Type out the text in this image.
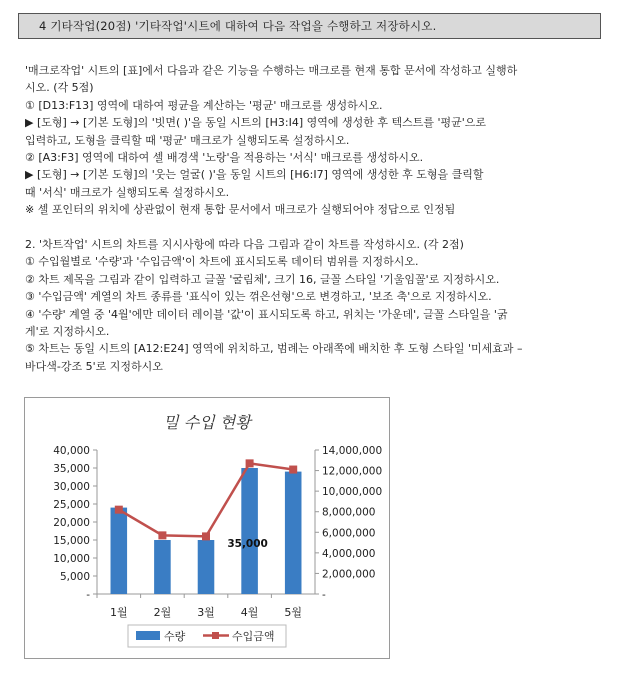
4 기타작업(20점) '기타작업'시트에 대하여 다음 작업을 수행하고 저장하시오.

'매크로작업' 시트의 [표]에서 다음과 같은 기능을 수행하는 매크로를 현재 통합 문서에 작성하고 실행하

시오. (각 5점)

① [D13:F13] 영역에 대하여 평균을 계산하는 '평균' 매크로를 생성하시오.

▶ [도형] → [기본 도형]의 '빗면( )'을 동일 시트의 [H3:I4] 영역에 생성한 후 텍스트를 '평균'으로

입력하고, 도형을 클릭할 때 '평균' 매크로가 실행되도록 설정하시오.

② [A3:F3] 영역에 대하여 셀 배경색 '노랑'을 적용하는 '서식' 매크로를 생성하시오.

▶ [도형] → [기본 도형]의 '웃는 얼굴( )'을 동일 시트의 [H6:I7] 영역에 생성한 후 도형을 클릭할

때 '서식' 매크로가 실행되도록 설정하시오.

※ 셀 포인터의 위치에 상관없이 현재 통합 문서에서 매크로가 실행되어야 정답으로 인정됨

2. '차트작업' 시트의 차트를 지시사항에 따라 다음 그림과 같이 차트를 작성하시오. (각 2점)

① 수입월별로 '수량'과 '수입금액'이 차트에 표시되도록 데이터 범위를 지정하시오.

② 차트 제목을 그림과 같이 입력하고 글꼴 '굴림체', 크기 16, 글꼴 스타일 '기울임꼴'로 지정하시오.

③ '수입금액' 계열의 차트 종류를 '표식이 있는 꺾은선형'으로 변경하고, '보조 축'으로 지정하시오.

④ '수량' 계열 중 '4월'에만 데이터 레이블 '값'이 표시되도록 하고, 위치는 '가운데', 글꼴 스타일을 '굵

게'로 지정하시오.

⑤ 차트는 동일 시트의 [A12:E24] 영역에 위치하고, 범례는 아래쪽에 배치한 후 도형 스타일 '미세효과 –

바다색-강조 5'로 지정하시오

밀 수입 현황
-
5,000
10,000
15,000
20,000
25,000
30,000
35,000
40,000
-
2,000,000
4,000,000
6,000,000
8,000,000
10,000,000
12,000,000
14,000,000
1월 2월 3월 4월 5월
35,000
수량	수입금액
